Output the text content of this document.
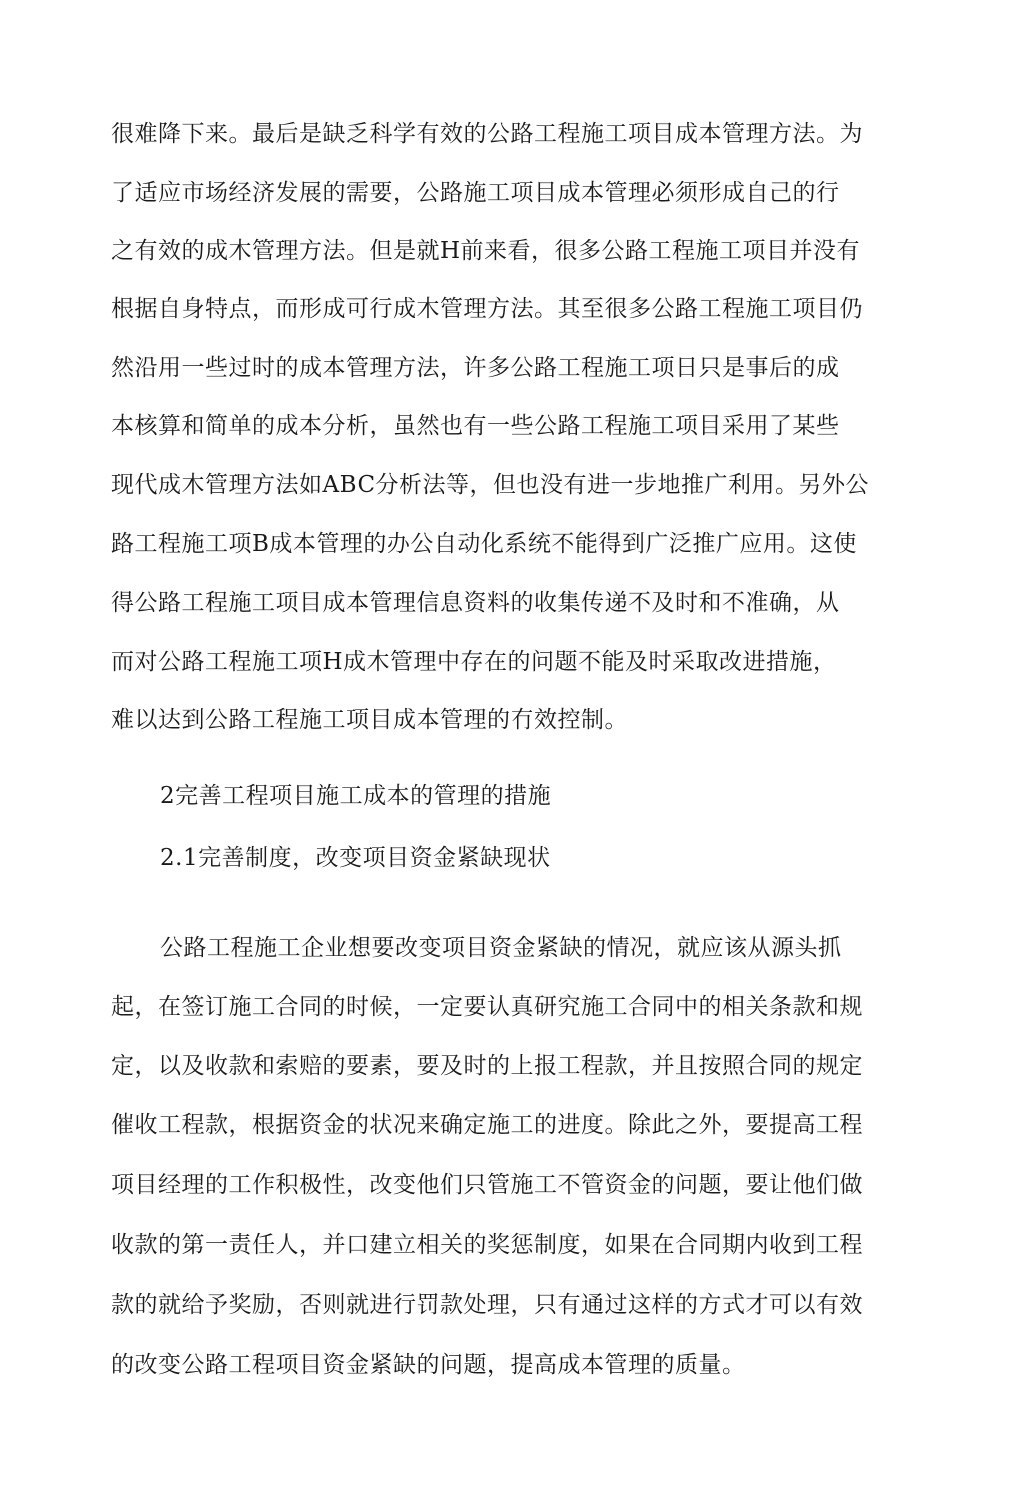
很难降下来。最后是缺乏科学有效的公路工程施工项目成本管理方法。为
了适应市场经济发展的需要，公路施工项目成本管理必须形成自己的行
之有效的成木管理方法。但是就H前来看，很多公路工程施工项目并没有
根据自身特点，而形成可行成木管理方法。其至很多公路工程施工项目仍
然沿用一些过时的成本管理方法，许多公路工程施工项日只是事后的成
本核算和简单的成本分析，虽然也有一些公路工程施工项目采用了某些
现代成木管理方法如ABC分析法等，但也没有进一步地推广利用。另外公
路工程施工项B成本管理的办公自动化系统不能得到广泛推广应用。这使
得公路工程施工项目成本管理信息资料的收集传递不及时和不准确，从
而对公路工程施工项H成木管理中存在的问题不能及时采取改进措施，
难以达到公路工程施工项目成本管理的冇效控制。
2完善工程项目施工成本的管理的措施
2.1完善制度，改变项目资金紧缺现状
公路工程施工企业想要改变项目资金紧缺的情况，就应该从源头抓
起，在签订施工合同的时候，一定要认真研究施工合同中的相关条款和规
定，以及收款和索赔的要素，要及时的上报工程款，并且按照合同的规定
催收工程款，根据资金的状况来确定施工的进度。除此之外，要提高工程
项目经理的工作积极性，改变他们只管施工不管资金的问题，要让他们做
收款的第一责任人，并口建立相关的奖惩制度，如果在合同期内收到工程
款的就给予奖励，否则就进行罚款处理，只有通过这样的方式才可以有效
的改变公路工程项目资金紧缺的问题，提高成本管理的质量。
